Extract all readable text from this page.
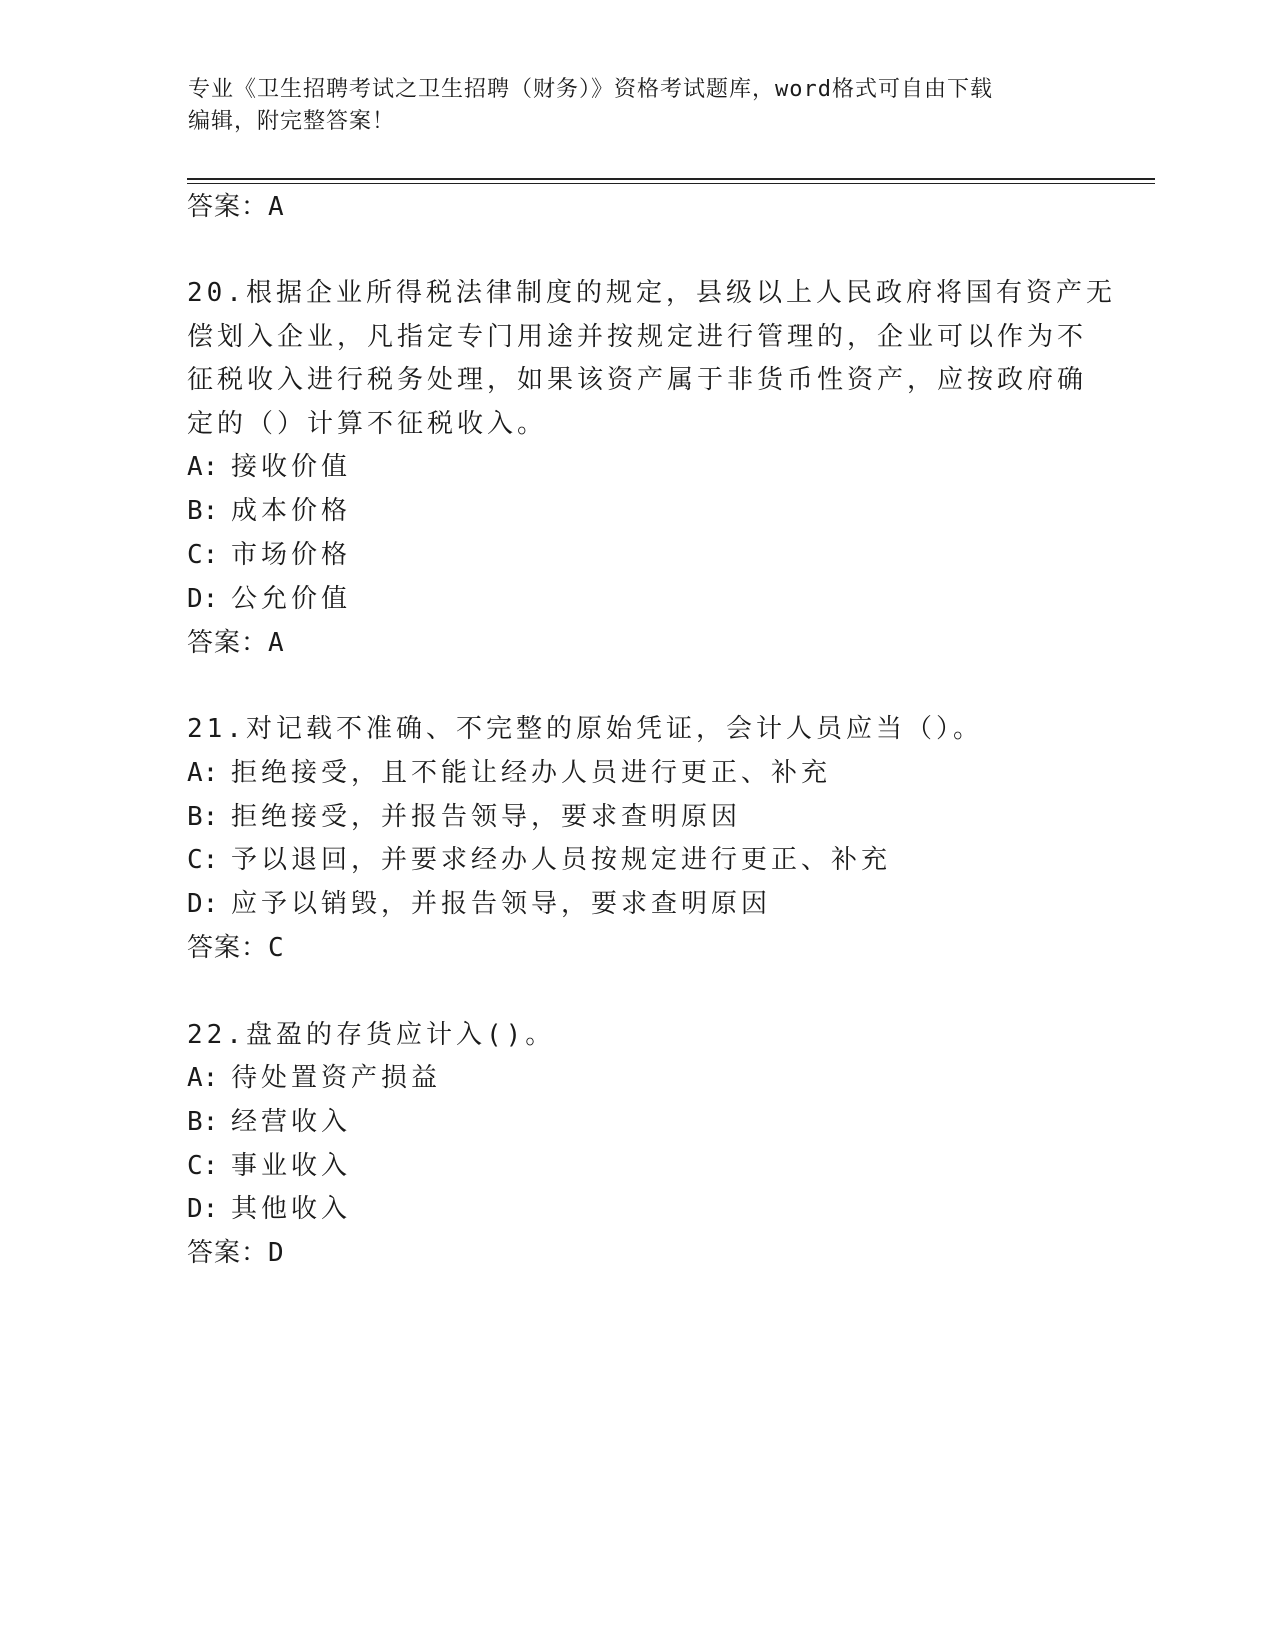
专业《卫生招聘考试之卫生招聘（财务）》资格考试题库，word格式可自由下载
编辑，附完整答案！
答案：A
20.根据企业所得税法律制度的规定，县级以上人民政府将国有资产无
偿划入企业，凡指定专门用途并按规定进行管理的，企业可以作为不
征税收入进行税务处理，如果该资产属于非货币性资产，应按政府确
定的（）计算不征税收入。
A: 接收价值
B: 成本价格
C: 市场价格
D: 公允价值
答案：A
21.对记载不准确、不完整的原始凭证，会计人员应当（）。
A: 拒绝接受，且不能让经办人员进行更正、补充
B: 拒绝接受，并报告领导，要求查明原因
C: 予以退回，并要求经办人员按规定进行更正、补充
D: 应予以销毁，并报告领导，要求查明原因
答案：C
22.盘盈的存货应计入()。
A: 待处置资产损益
B: 经营收入
C: 事业收入
D: 其他收入
答案：D
